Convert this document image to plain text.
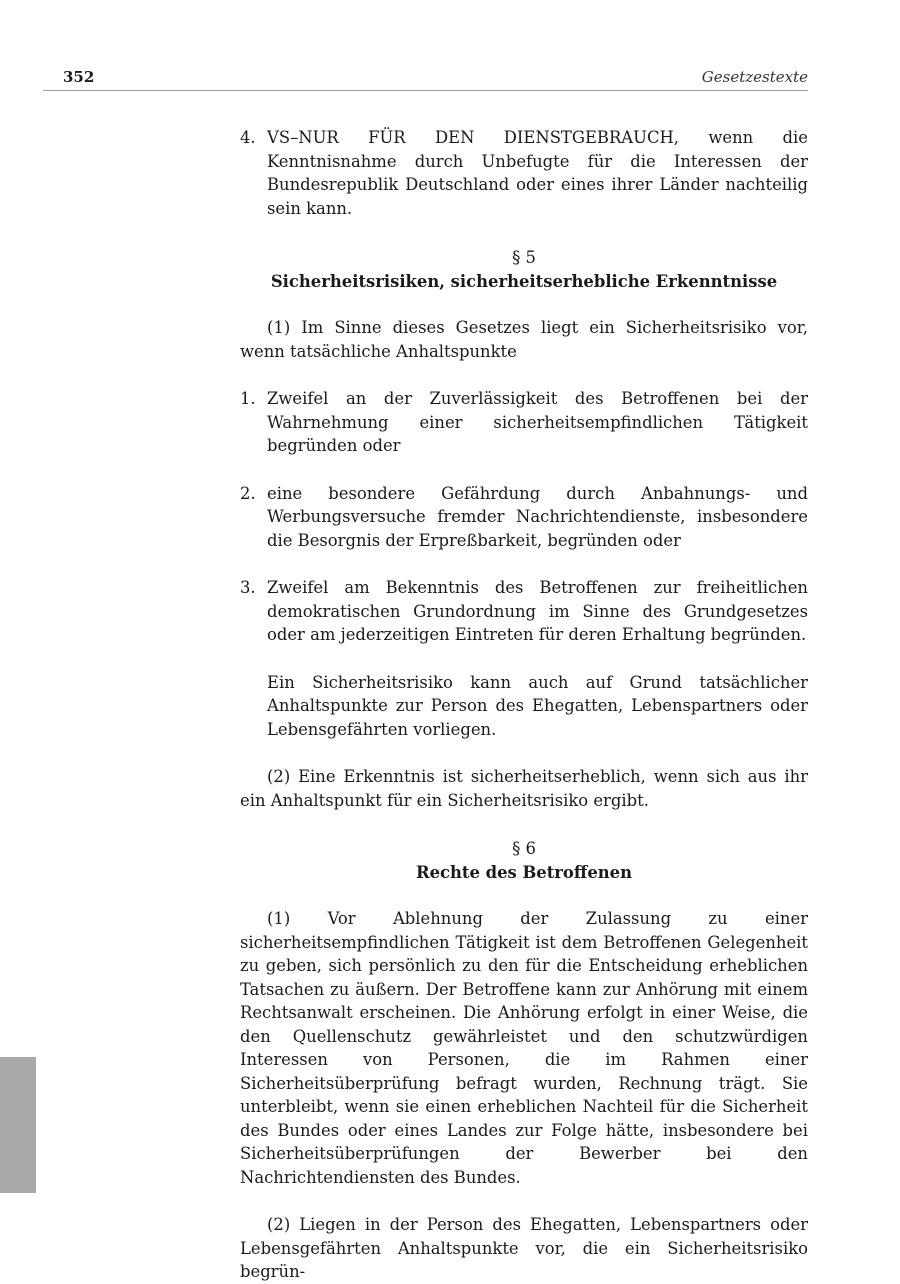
352	Gesetzestexte
4. VS–NUR FÜR DEN DIENSTGEBRAUCH, wenn die Kenntnisnahme durch Unbefugte für die Interessen der Bundesrepublik Deutschland oder eines ihrer Länder nachteilig sein kann.
§ 5
Sicherheitsrisiken, sicherheitserhebliche Erkenntnisse

(1) Im Sinne dieses Gesetzes liegt ein Sicherheitsrisiko vor, wenn tatsächliche Anhaltspunkte

1. Zweifel an der Zuverlässigkeit des Betroffenen bei der Wahrnehmung einer sicherheitsempfindlichen Tätigkeit begründen oder
2. eine besondere Gefährdung durch Anbahnungs- und Werbungsversuche fremder Nachrichtendienste, insbesondere die Besorgnis der Erpreßbarkeit, begründen oder
3. Zweifel am Bekenntnis des Betroffenen zur freiheitlichen demokratischen Grundordnung im Sinne des Grundgesetzes oder am jederzeitigen Eintreten für deren Erhaltung begründen.

Ein Sicherheitsrisiko kann auch auf Grund tatsächlicher Anhaltspunkte zur Person des Ehegatten, Lebenspartners oder Lebensgefährten vorliegen.

(2) Eine Erkenntnis ist sicherheitserheblich, wenn sich aus ihr ein Anhaltspunkt für ein Sicherheitsrisiko ergibt.

§ 6
Rechte des Betroffenen

(1) Vor Ablehnung der Zulassung zu einer sicherheitsempfindlichen Tätigkeit ist dem Betroffenen Gelegenheit zu geben, sich persönlich zu den für die Entscheidung erheblichen Tatsachen zu äußern. Der Betroffene kann zur Anhörung mit einem Rechtsanwalt erscheinen. Die Anhörung erfolgt in einer Weise, die den Quellenschutz gewährleistet und den schutzwürdigen Interessen von Personen, die im Rahmen einer Sicherheitsüberprüfung befragt wurden, Rechnung trägt. Sie unterbleibt, wenn sie einen erheblichen Nachteil für die Sicherheit des Bundes oder eines Landes zur Folge hätte, insbesondere bei Sicherheitsüberprüfungen der Bewerber bei den Nachrichtendiensten des Bundes.

(2) Liegen in der Person des Ehegatten, Lebenspartners oder Lebensgefährten Anhaltspunkte vor, die ein Sicherheitsrisiko begrün-
